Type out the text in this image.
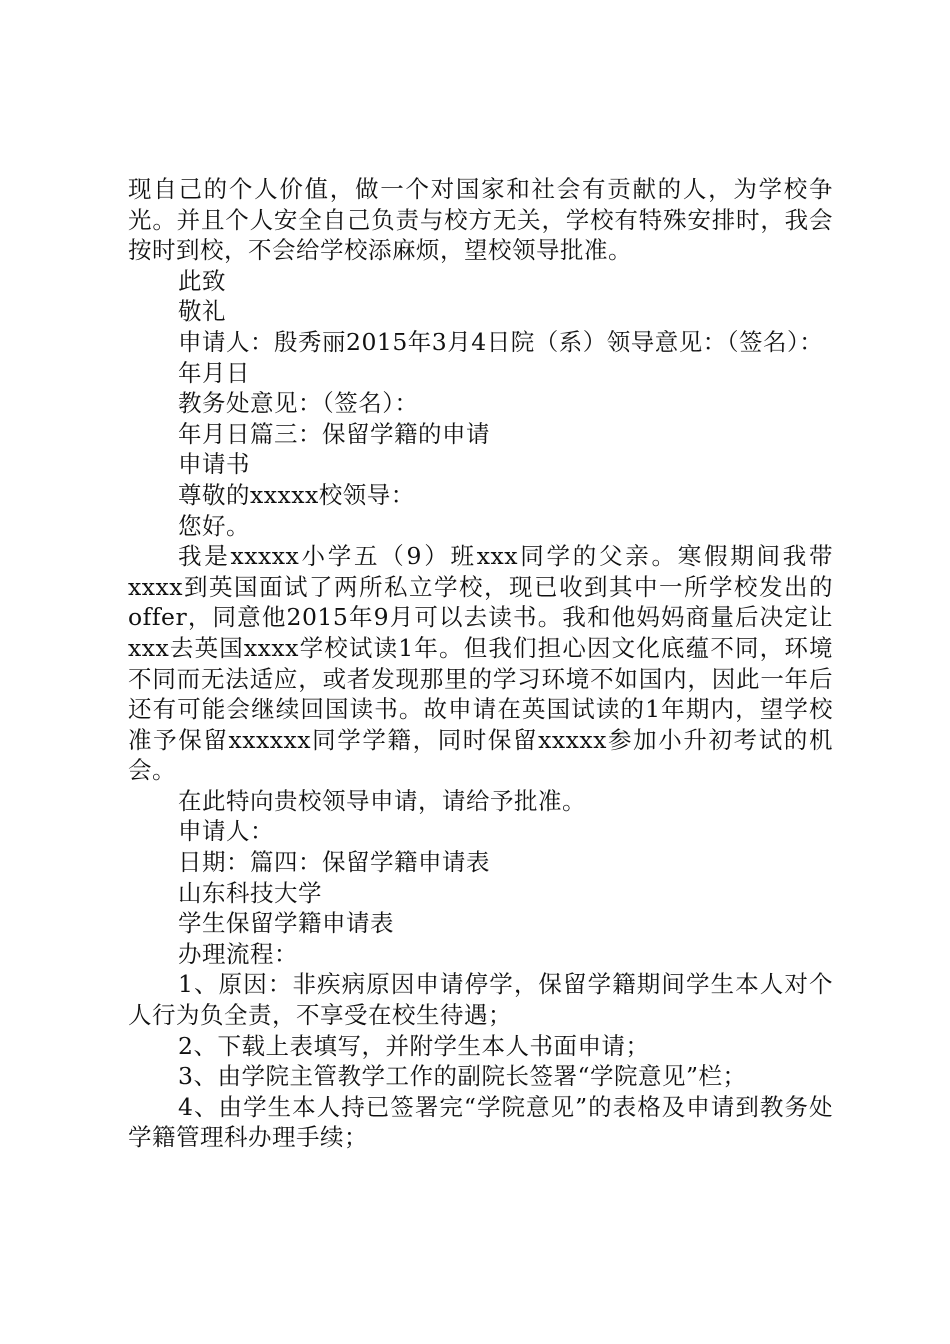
现自己的个人价值，做一个对国家和社会有贡献的人，为学校争光。并且个人安全自己负责与校方无关，学校有特殊安排时，我会按时到校，不会给学校添麻烦，望校领导批准。

此致

敬礼

申请人：殷秀丽2015年3月4日院（系）领导意见：（签名）：

年月日

教务处意见：（签名）：

年月日篇三：保留学籍的申请

申请书

尊敬的xxxxx校领导：

您好。

我是xxxxx小学五（9）班xxx同学的父亲。寒假期间我带xxxx到英国面试了两所私立学校，现已收到其中一所学校发出的offer，同意他2015年9月可以去读书。我和他妈妈商量后决定让xxx去英国xxxx学校试读1年。但我们担心因文化底蕴不同，环境不同而无法适应，或者发现那里的学习环境不如国内，因此一年后还有可能会继续回国读书。故申请在英国试读的1年期内，望学校准予保留xxxxxx同学学籍，同时保留xxxxx参加小升初考试的机会。

在此特向贵校领导申请，请给予批准。

申请人：

日期：篇四：保留学籍申请表

山东科技大学

学生保留学籍申请表

办理流程：

1、原因：非疾病原因申请停学，保留学籍期间学生本人对个人行为负全责，不享受在校生待遇；

2、下载上表填写，并附学生本人书面申请；

3、由学院主管教学工作的副院长签署“学院意见”栏；

4、由学生本人持已签署完“学院意见”的表格及申请到教务处学籍管理科办理手续；
